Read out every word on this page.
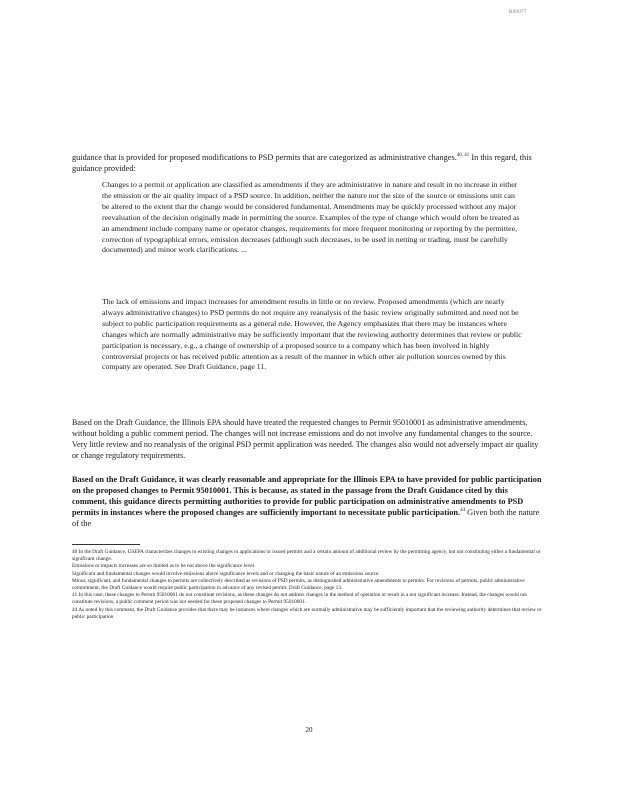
R00077
guidance that is provided for proposed modifications to PSD permits that are categorized as administrative changes.$^{40, 41}$ In this regard, this guidance provided:

Changes to a permit or application are classified as amendments if they are administrative in nature and result in no increase in either the emission or the air quality impact of a PSD source. In addition, neither the nature nor the size of the source or emissions unit can be altered to the extent that the change would be considered fundamental. Amendments may be quickly processed without any major reevaluation of the decision originally made in permitting the source. Examples of the type of change which would often be treated as an amendment include company name or operator changes, requirements for more frequent monitoring or reporting by the permittee, correction of typographical errors, emission decreases (although such decreases, to be used in netting or trading, must be carefully documented) and minor work clarifications. ...

The lack of emissions and impact increases for amendment results in little or no review. Proposed amendments (which are nearly always administrative changes) to PSD permits do not require any reanalysis of the basic review originally submitted and need not be subject to public participation requirements as a general rule. However, the Agency emphasizes that there may be instances where changes which are normally administrative may be sufficiently important that the reviewing authority determines that review or public participation is necessary, e.g., a change of ownership of a proposed source to a company which has been involved in highly controversial projects or has received public attention as a result of the manner in which other air pollution sources owned by this company are operated. See Draft Guidance, page 11.

Based on the Draft Guidance, the Illinois EPA should have treated the requested changes to Permit 95010001 as administrative amendments, without holding a public comment period. The changes will not increase emissions and do not involve any fundamental changes to the source. Very little review and no reanalysis of the original PSD permit application was needed. The changes also would not adversely impact air quality or change regulatory requirements.

Based on the Draft Guidance, it was clearly reasonable and appropriate for the Illinois EPA to have provided for public participation on the proposed changes to Permit 95010001. This is because, as stated in the passage from the Draft Guidance cited by this comment, this guidance directs permitting authorities to provide for public participation on administrative amendments to PSD permits in instances where the proposed changes are sufficiently important to necessitate public participation.$^{44}$ Given both the nature of the

40 In the Draft Guidance, USEPA characterizes changes to existing changes to applications or issued permits and a certain amount of additional review by the permitting agency, but not constituting either a fundamental or significant change.

Emissions or impacts increases are so limited as to be not above the significance level.

Significant and fundamental changes would involve emissions above significance levels and or changing the basic nature of an emissions source.

Minor, significant, and fundamental changes to permits are collectively described as revisions of PSD permits, as distinguished administrative amendments to permits. For revisions of permits, public administrative commitment, the Draft Guidance would require public participation in advance of any revised permit. Draft Guidance, page 13.

41 In this case, these changes to Permit 95010001 do not constitute revisions, as these changes do not address changes in the method of operation or result in a not significant increase. Instead, the changes would not constitute revisions, a public comment period was not needed for these proposed changes to Permit 95010001.

44 As noted by this comment, the Draft Guidance provides that there may be instances where changes which are normally administrative may be sufficiently important that the reviewing authority determines that review or public participation

20
